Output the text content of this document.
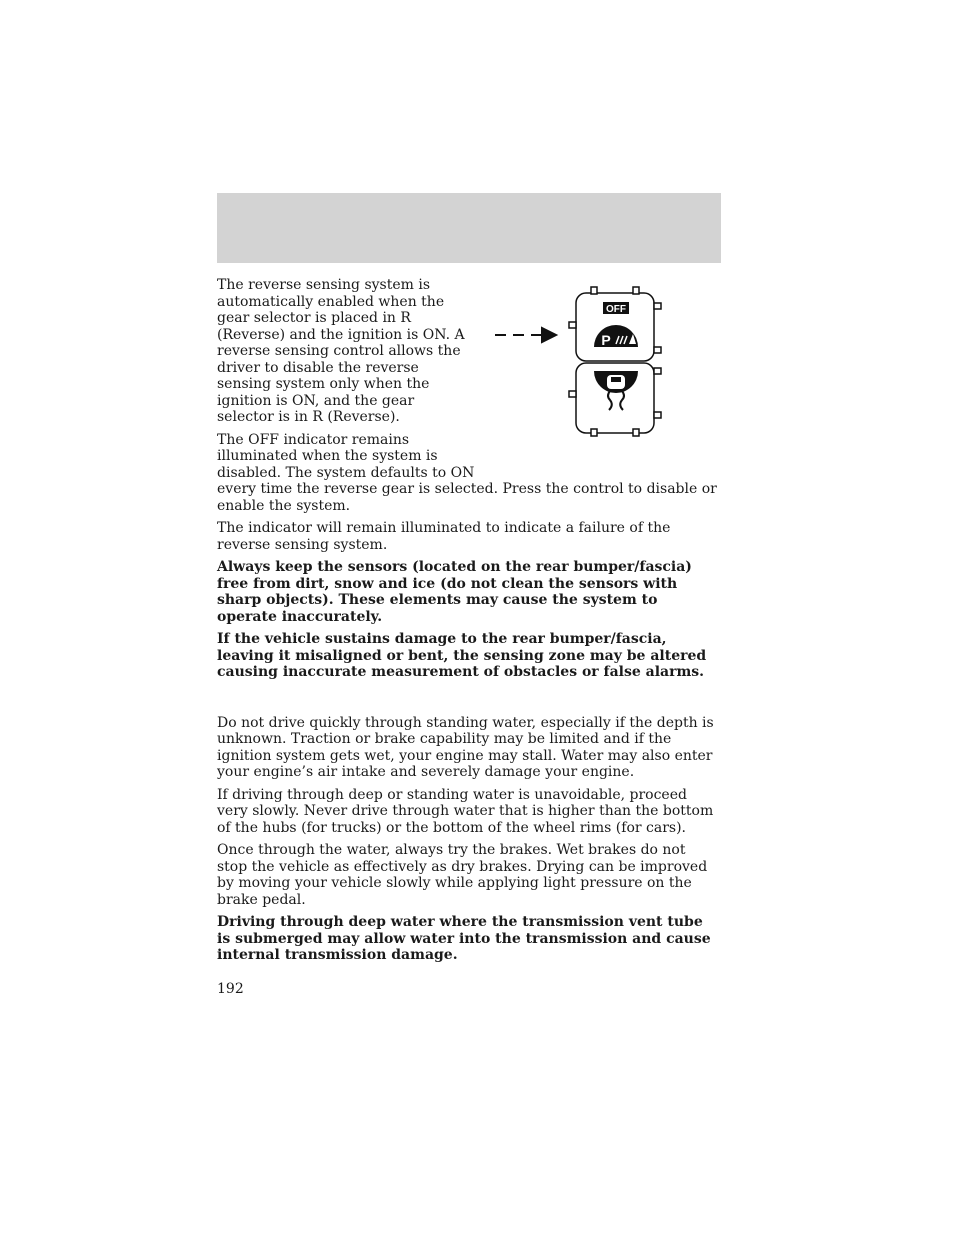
OFF
P

The reverse sensing system is automatically enabled when the gear selector is placed in R (Reverse) and the ignition is ON. A reverse sensing control allows the driver to disable the reverse sensing system only when the ignition is ON, and the gear selector is in R (Reverse).

The OFF indicator remains illuminated when the system is disabled. The system defaults to ON
every time the reverse gear is selected. Press the control to disable or enable the system.

The indicator will remain illuminated to indicate a failure of the reverse sensing system.

Always keep the sensors (located on the rear bumper/fascia) free from dirt, snow and ice (do not clean the sensors with sharp objects). These elements may cause the system to operate inaccurately.

If the vehicle sustains damage to the rear bumper/fascia, leaving it misaligned or bent, the sensing zone may be altered causing inaccurate measurement of obstacles or false alarms.

Do not drive quickly through standing water, especially if the depth is unknown. Traction or brake capability may be limited and if the ignition system gets wet, your engine may stall. Water may also enter your engine’s air intake and severely damage your engine.

If driving through deep or standing water is unavoidable, proceed very slowly. Never drive through water that is higher than the bottom of the hubs (for trucks) or the bottom of the wheel rims (for cars).

Once through the water, always try the brakes. Wet brakes do not stop the vehicle as effectively as dry brakes. Drying can be improved by moving your vehicle slowly while applying light pressure on the brake pedal.

Driving through deep water where the transmission vent tube is submerged may allow water into the transmission and cause internal transmission damage.

192
